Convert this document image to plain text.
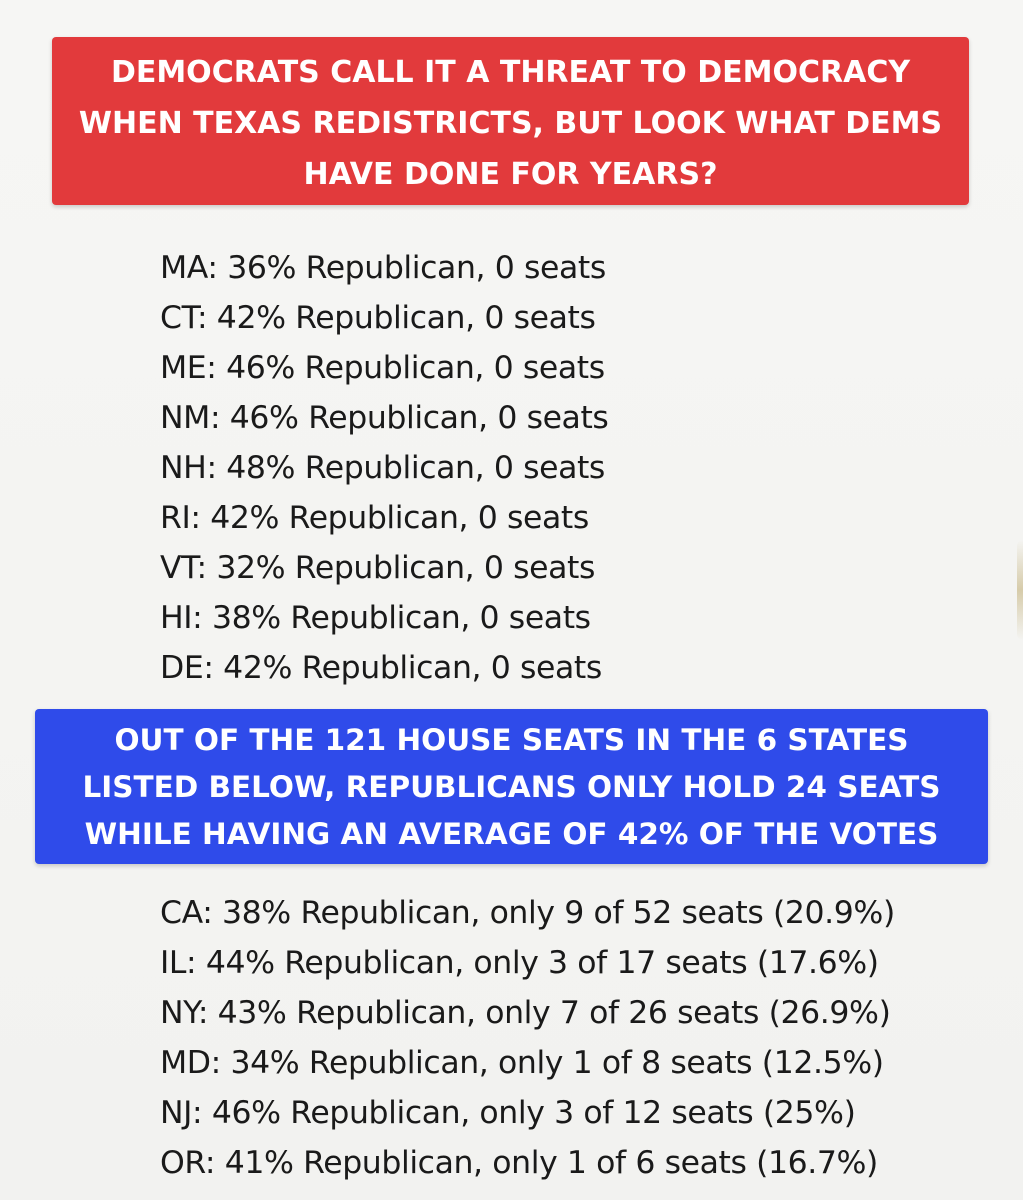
DEMOCRATS CALL IT A THREAT TO DEMOCRACY WHEN TEXAS REDISTRICTS, BUT LOOK WHAT DEMS HAVE DONE FOR YEARS?
MA: 36% Republican, 0 seats
CT: 42% Republican, 0 seats
ME: 46% Republican, 0 seats
NM: 46% Republican, 0 seats
NH: 48% Republican, 0 seats
RI: 42% Republican, 0 seats
VT: 32% Republican, 0 seats
HI: 38% Republican, 0 seats
DE: 42% Republican, 0 seats
OUT OF THE 121 HOUSE SEATS IN THE 6 STATES LISTED BELOW, REPUBLICANS ONLY HOLD 24 SEATS WHILE HAVING AN AVERAGE OF 42% OF THE VOTES
CA: 38% Republican, only 9 of 52 seats (20.9%)
IL: 44% Republican, only 3 of 17 seats (17.6%)
NY: 43% Republican, only 7 of 26 seats (26.9%)
MD: 34% Republican, only 1 of 8 seats (12.5%)
NJ: 46% Republican, only 3 of 12 seats (25%)
OR: 41% Republican, only 1 of 6 seats (16.7%)
